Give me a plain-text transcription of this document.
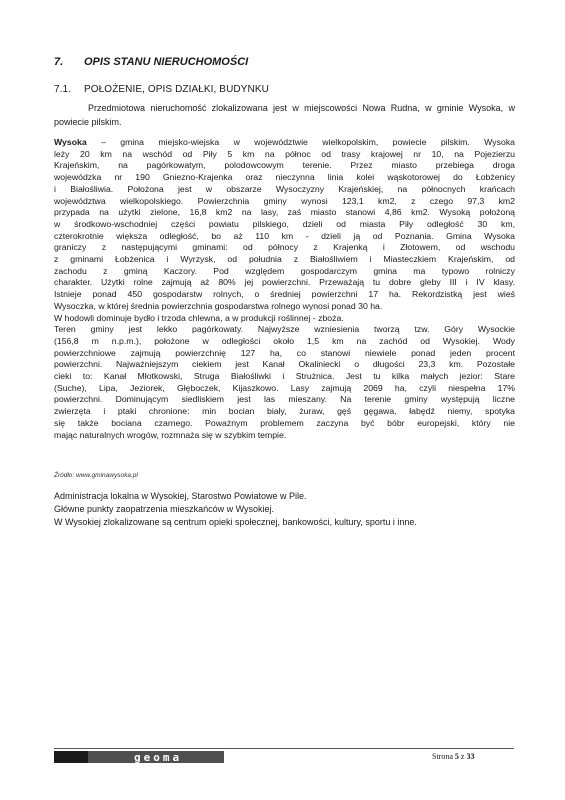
7. OPIS STANU NIERUCHOMOŚCI
7.1. POŁOŻENIE, OPIS DZIAŁKI, BUDYNKU

Przedmiotowa nieruchomość zlokalizowana jest w miejscowości Nowa Rudna, w gminie Wysoka, w powiecie pilskim.

Wysoka – gmina miejsko-wiejska w województwie wielkopolskim, powiecie pilskim. Wysoka
leży 20 km na wschód od Piły 5 km na północ od trasy krajowej nr 10, na Pojezierzu
Krajeńskim, na pagórkowatym, polodowcowym terenie. Przez miasto przebiega droga
wojewódzka nr 190 Gniezno-Krajenka oraz nieczynna linia kolei wąskotorowej do Łobżenicy
i Białośliwia. Położona jest w obszarze Wysoczyzny Krajeńskiej, na północnych krańcach
województwa wielkopolskiego. Powierzchnia gminy wynosi 123,1 km2, z czego 97,3 km2
przypada na użytki zielone, 16,8 km2 na lasy, zaś miasto stanowi 4,86 km2. Wysoką położoną
w środkowo-wschodniej części powiatu pilskiego, dzieli od miasta Piły odległość 30 km,
czterokrotnie większa odległość, bo aż 110 km - dzieli ją od Poznania. Gmina Wysoka
graniczy z następującymi gminami: od północy z Krajenką i Złotowem, od wschodu
z gminami Łobżenica i Wyrzysk, od południa z Białośliwiem i Miasteczkiem Krajeńskim, od
zachodu z gminą Kaczory. Pod względem gospodarczym gmina ma typowo rolniczy
charakter. Użytki rolne zajmują aż 80% jej powierzchni. Przeważają tu dobre gleby III i IV klasy.
Istnieje ponad 450 gospodarstw rolnych, o średniej powierzchni 17 ha. Rekordzistką jest wieś
Wysoczka, w której średnia powierzchnia gospodarstwa rolnego wynosi ponad 30 ha.
W hodowli dominuje bydło i trzoda chlewna, a w produkcji roślinnej - zboża.
Teren gminy jest lekko pagórkowaty. Najwyższe wzniesienia tworzą tzw. Góry Wysockie
(156,8 m n.p.m.), położone w odległości około 1,5 km na zachód od Wysokiej. Wody
powierzchniowe zajmują powierzchnię 127 ha, co stanowi niewiele ponad jeden procent
powierzchni. Najważniejszym ciekiem jest Kanał Okaliniecki o długości 23,3 km. Pozostałe
cieki to: Kanał Młotkowski, Struga Białośliwki i Strużnica. Jest tu kilka małych jezior: Stare
(Suche), Lipa, Jeziorek, Głęboczek, Kijaszkowo. Lasy zajmują 2069 ha, czyli niespełna 17%
powierzchni. Dominującym siedliskiem jest las mieszany. Na terenie gminy występują liczne
zwierzęta i ptaki chronione: min bocian biały, żuraw, gęś gęgawa, łabędź niemy, spotyka
się także bociana czarnego. Poważnym problemem zaczyna być bóbr europejski, który nie
mając naturalnych wrogów, rozmnaża się w szybkim tempie.
Źródło: www.gminawysoka.pl
Administracja lokalna w Wysokiej, Starostwo Powiatowe w Pile.
Główne punkty zaopatrzenia mieszkańców w Wysokiej.
W Wysokiej zlokalizowane są centrum opieki społecznej, bankowości, kultury, sportu i inne.
geoma	Strona 5 z 33
